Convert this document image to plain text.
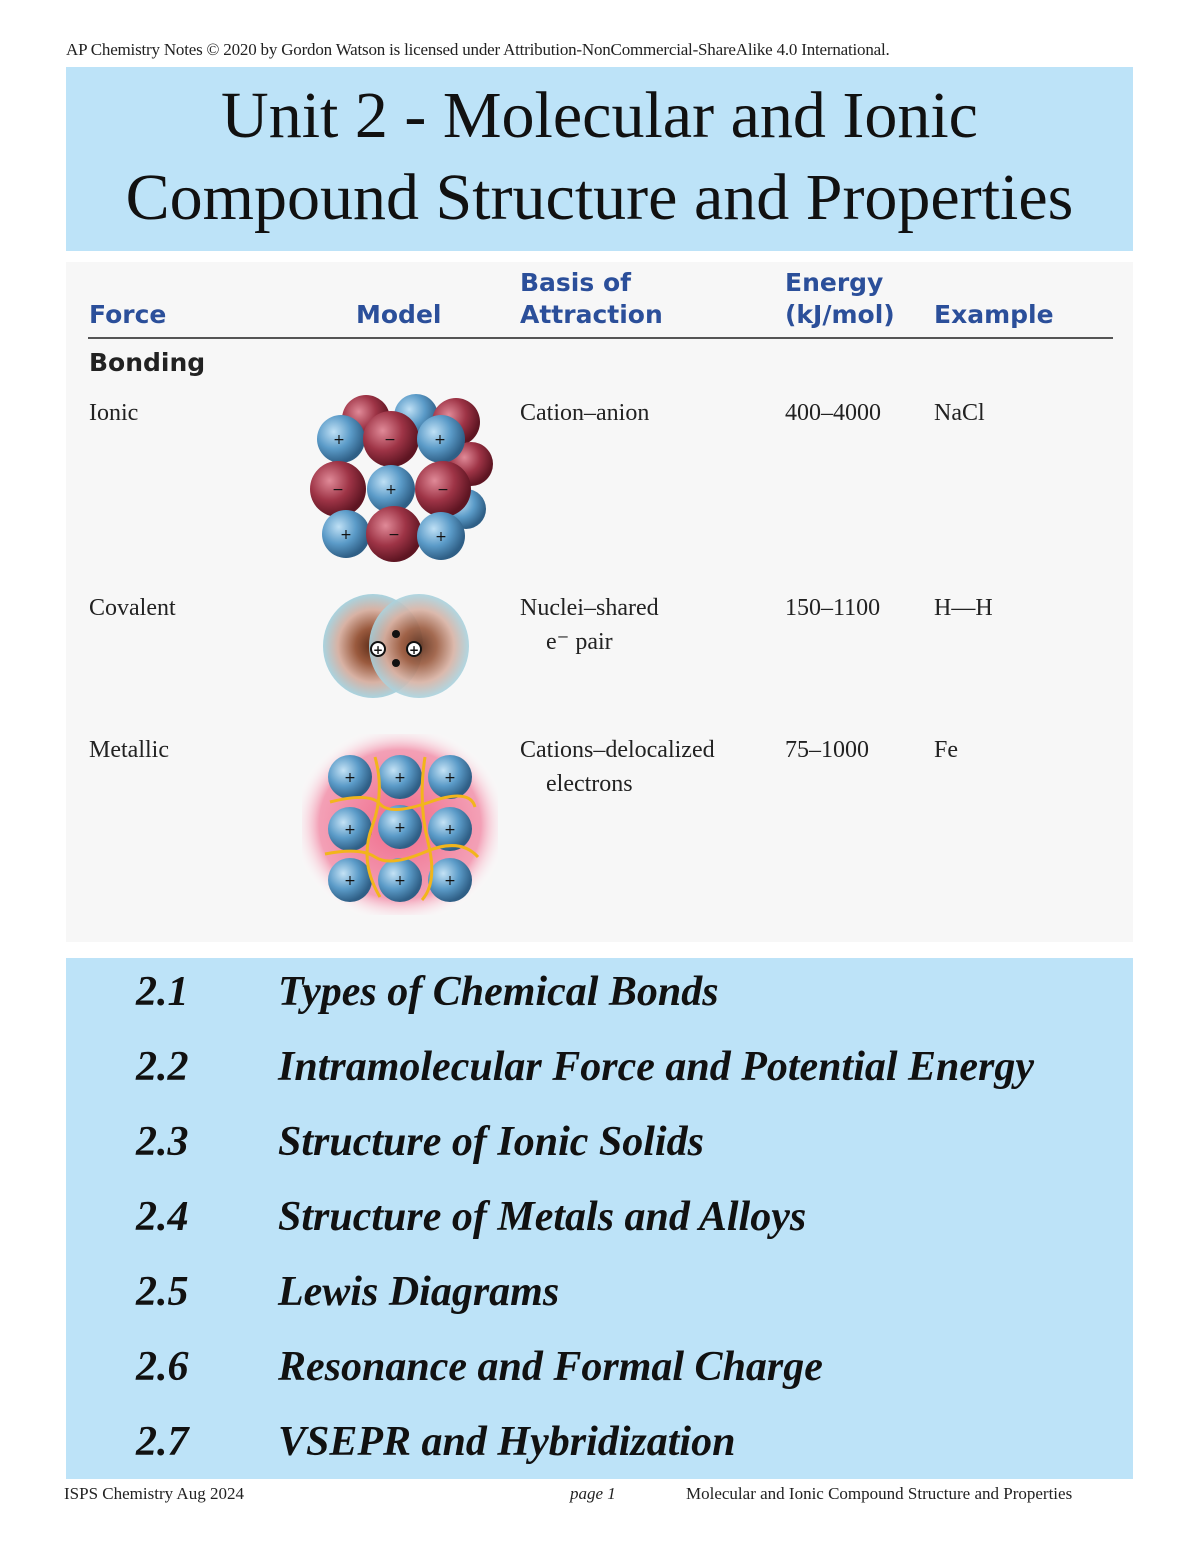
AP Chemistry Notes © 2020 by Gordon Watson is licensed under Attribution-NonCommercial-ShareAlike 4.0 International.
Unit 2 - Molecular and Ionic
Compound Structure and Properties
Force	Model
Basis of
Attraction
Energy
(kJ/mol) Example
Bonding
Ionic	Cation–anion	400–4000 NaCl
+	−	+
−	+	−
+	−	+
Covalent	Nuclei–shared
e⁻ pair
150–1100 H—H
+ +
Metallic	Cations–delocalized
electrons
75–1000	Fe
+	+	+
+	+	+
+	+	+
2.1 Types of Chemical Bonds
2.2 Intramolecular Force and Potential Energy
2.3 Structure of Ionic Solids
2.4 Structure of Metals and Alloys
2.5 Lewis Diagrams
2.6 Resonance and Formal Charge
2.7 VSEPR and Hybridization
ISPS Chemistry Aug 2024	page 1	Molecular and Ionic Compound Structure and Properties
